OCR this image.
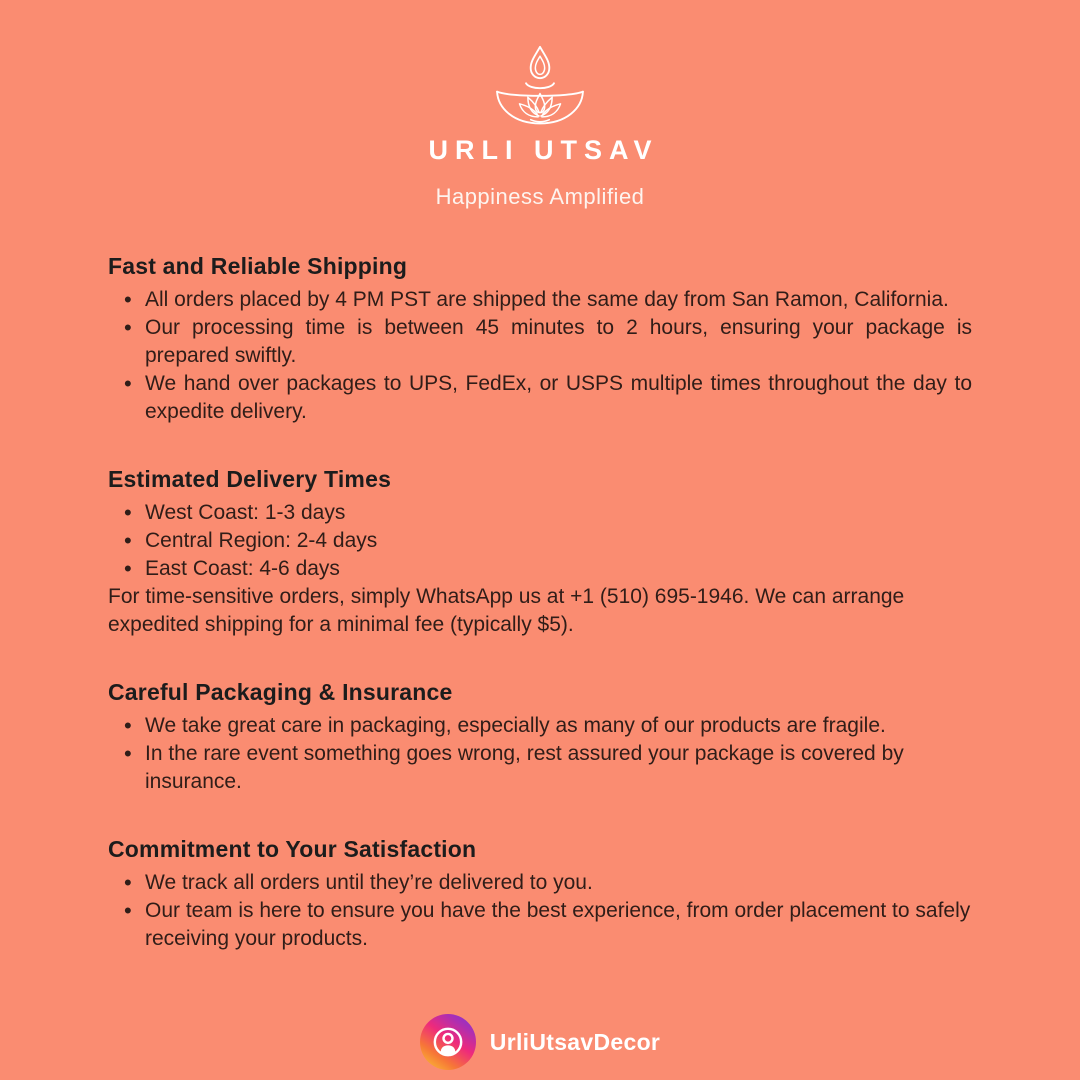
URLI UTSAV
Happiness Amplified
Fast and Reliable Shipping
• All orders placed by 4 PM PST are shipped the same day from San Ramon, California.
• Our processing time is between 45 minutes to 2 hours, ensuring your package is prepared swiftly.
• We hand over packages to UPS, FedEx, or USPS multiple times throughout the day to expedite delivery.
Estimated Delivery Times
• West Coast: 1-3 days
• Central Region: 2-4 days
• East Coast: 4-6 days

For time-sensitive orders, simply WhatsApp us at +1 (510) 695-1946. We can arrange expedited shipping for a minimal fee (typically $5).

Careful Packaging & Insurance
• We take great care in packaging, especially as many of our products are fragile.
• In the rare event something goes wrong, rest assured your package is covered by insurance.
Commitment to Your Satisfaction
• We track all orders until they’re delivered to you.
• Our team is here to ensure you have the best experience, from order placement to safely receiving your products.
UrliUtsavDecor
